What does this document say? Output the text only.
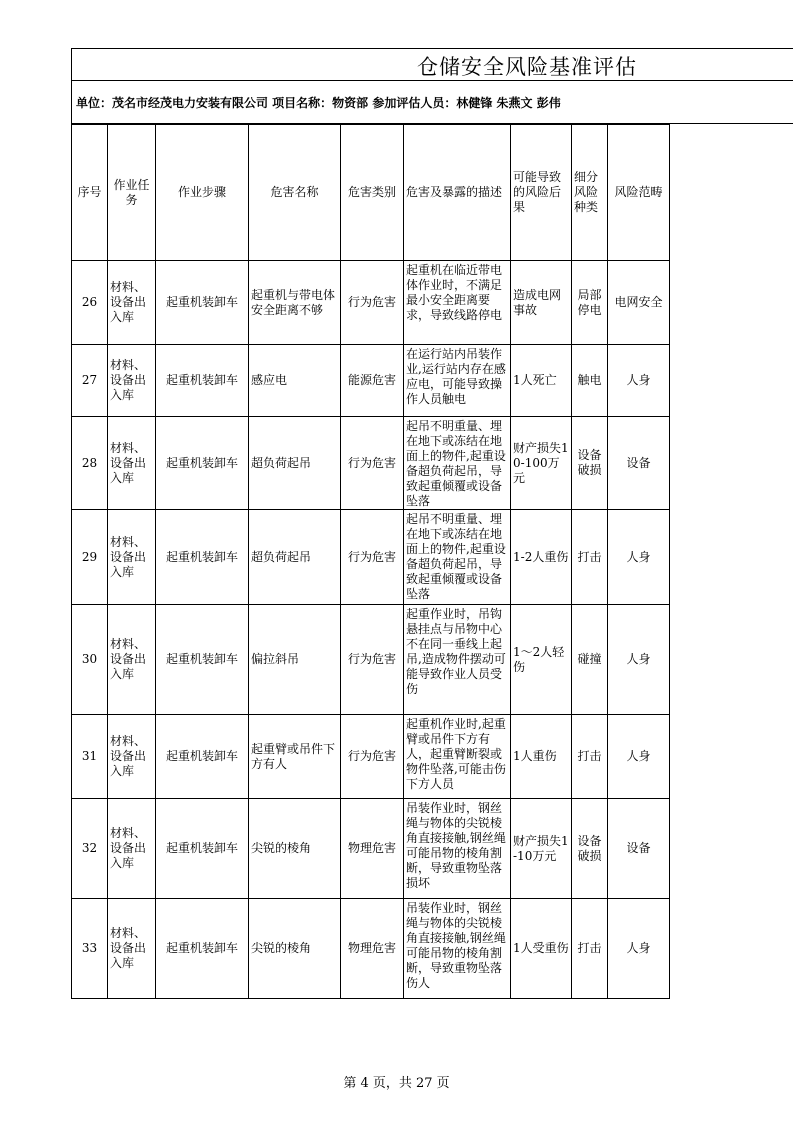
仓储安全风险基准评估
单位：茂名市经茂电力安装有限公司 项目名称：物资部 参加评估人员：林健锋 朱燕文 彭伟
序号	作业任务	作业步骤	危害名称	危害类别	危害及暴露的描述	可能导致的风险后果	细分风险种类	风险范畴
26	材料、设备出入库	起重机装卸车	起重机与带电体安全距离不够	行为危害	起重机在临近带电体作业时，不满足最小安全距离要求，导致线路停电	造成电网事故	局部停电	电网安全
27	材料、设备出入库	起重机装卸车	感应电	能源危害	在运行站内吊装作业,运行站内存在感应电，可能导致操作人员触电	1人死亡	触电	人身
28	材料、设备出入库	起重机装卸车	超负荷起吊	行为危害	起吊不明重量、埋在地下或冻结在地面上的物件,起重设备超负荷起吊，导致起重倾覆或设备坠落	财产损失10-100万元	设备破损	设备
29	材料、设备出入库	起重机装卸车	超负荷起吊	行为危害	起吊不明重量、埋在地下或冻结在地面上的物件,起重设备超负荷起吊，导致起重倾覆或设备坠落	1-2人重伤	打击	人身
30	材料、设备出入库	起重机装卸车	偏拉斜吊	行为危害	起重作业时，吊钩悬挂点与吊物中心不在同一垂线上起吊,造成物件摆动可能导致作业人员受伤	1～2人轻伤	碰撞	人身
31	材料、设备出入库	起重机装卸车	起重臂或吊件下方有人	行为危害	起重机作业时,起重臂或吊件下方有人，起重臂断裂或物件坠落,可能击伤下方人员	1人重伤	打击	人身
32	材料、设备出入库	起重机装卸车	尖锐的棱角	物理危害	吊装作业时，钢丝绳与物体的尖锐棱角直接接触,钢丝绳可能吊物的棱角割断，导致重物坠落损坏	财产损失1-10万元	设备破损	设备
33	材料、设备出入库	起重机装卸车	尖锐的棱角	物理危害	吊装作业时，钢丝绳与物体的尖锐棱角直接接触,钢丝绳可能吊物的棱角割断，导致重物坠落伤人	1人受重伤	打击	人身
第 4 页，共 27 页
